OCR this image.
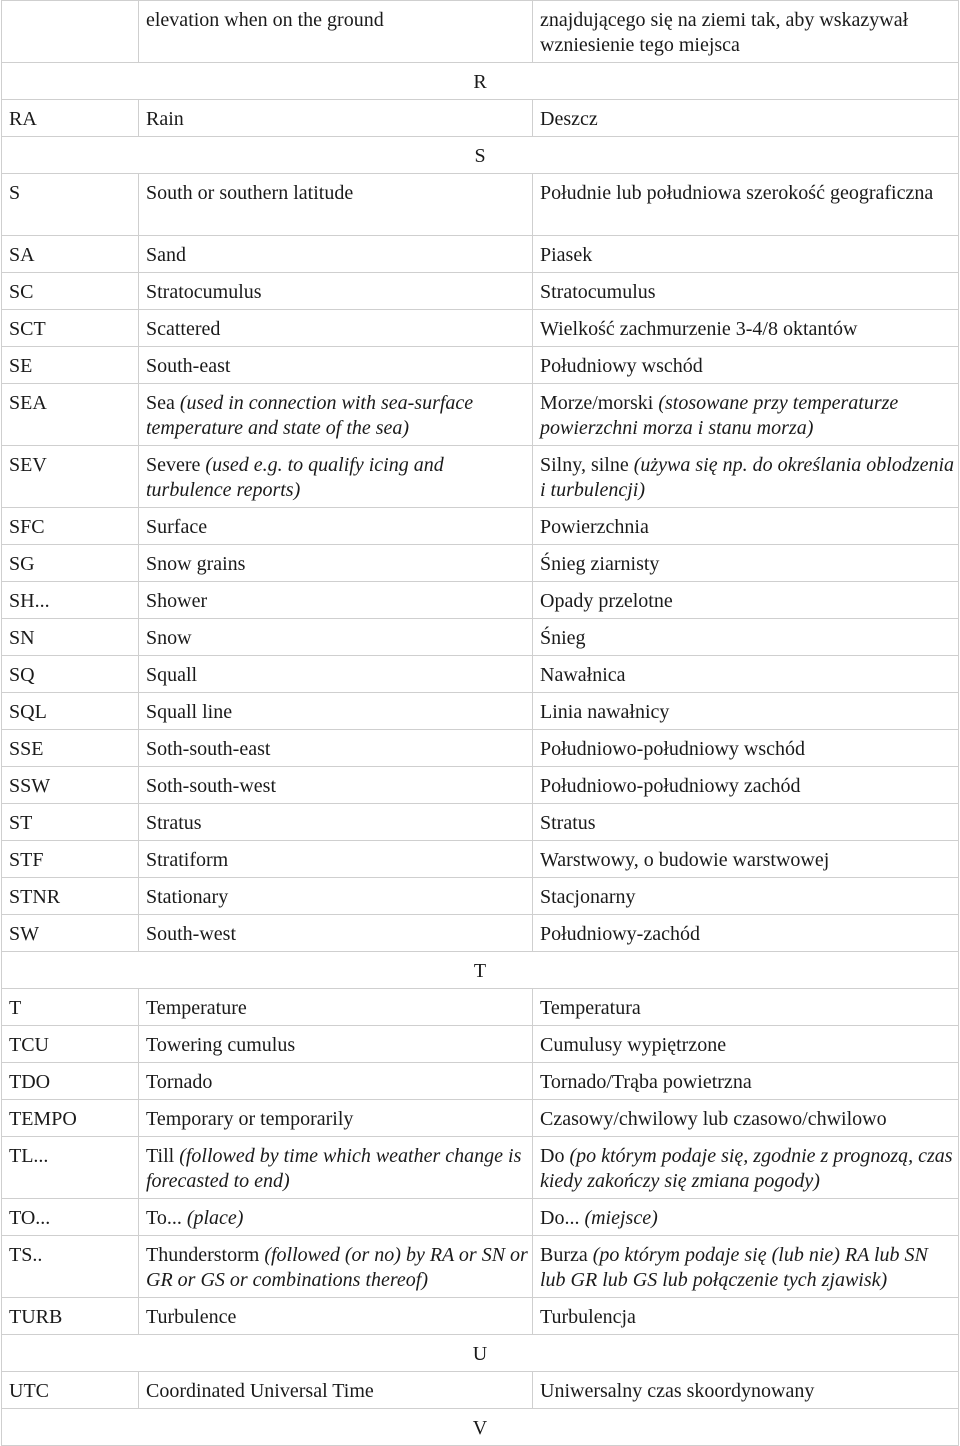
	elevation when on the ground	znajdującego się na ziemi tak, aby wskazywał wzniesienie tego miejsca
R		
RA	Rain	Deszcz
S		
S	South or southern latitude	Południe lub południowa szerokość geograficzna
SA	Sand	Piasek
SC	Stratocumulus	Stratocumulus
SCT	Scattered	Wielkość zachmurzenie 3-4/8 oktantów
SE	South-east	Południowy wschód
SEA	Sea (used in connection with sea-surface temperature and state of the sea)	Morze/morski (stosowane przy temperaturze powierzchni morza i stanu morza)
SEV	Severe (used e.g. to qualify icing and turbulence reports)	Silny, silne (używa się np. do określania oblodzenia i turbulencji)
SFC	Surface	Powierzchnia
SG	Snow grains	Śnieg ziarnisty
SH...	Shower	Opady przelotne
SN	Snow	Śnieg
SQ	Squall	Nawałnica
SQL	Squall line	Linia nawałnicy
SSE	Soth-south-east	Południowo-południowy wschód
SSW	Soth-south-west	Południowo-południowy zachód
ST	Stratus	Stratus
STF	Stratiform	Warstwowy, o budowie warstwowej
STNR	Stationary	Stacjonarny
SW	South-west	Południowy-zachód
T		
T	Temperature	Temperatura
TCU	Towering cumulus	Cumulusy wypiętrzone
TDO	Tornado	Tornado/Trąba powietrzna
TEMPO	Temporary or temporarily	Czasowy/chwilowy lub czasowo/chwilowo
TL...	Till (followed by time which weather change is forecasted to end)	Do (po którym podaje się, zgodnie z prognozą, czas kiedy zakończy się zmiana pogody)
TO...	To... (place)	Do... (miejsce)
TS..	Thunderstorm (followed (or no) by RA or SN or GR or GS or combinations thereof)	Burza (po którym podaje się (lub nie) RA lub SN lub GR lub GS lub połączenie tych zjawisk)
TURB	Turbulence	Turbulencja
U		
UTC	Coordinated Universal Time	Uniwersalny czas skoordynowany
V		
